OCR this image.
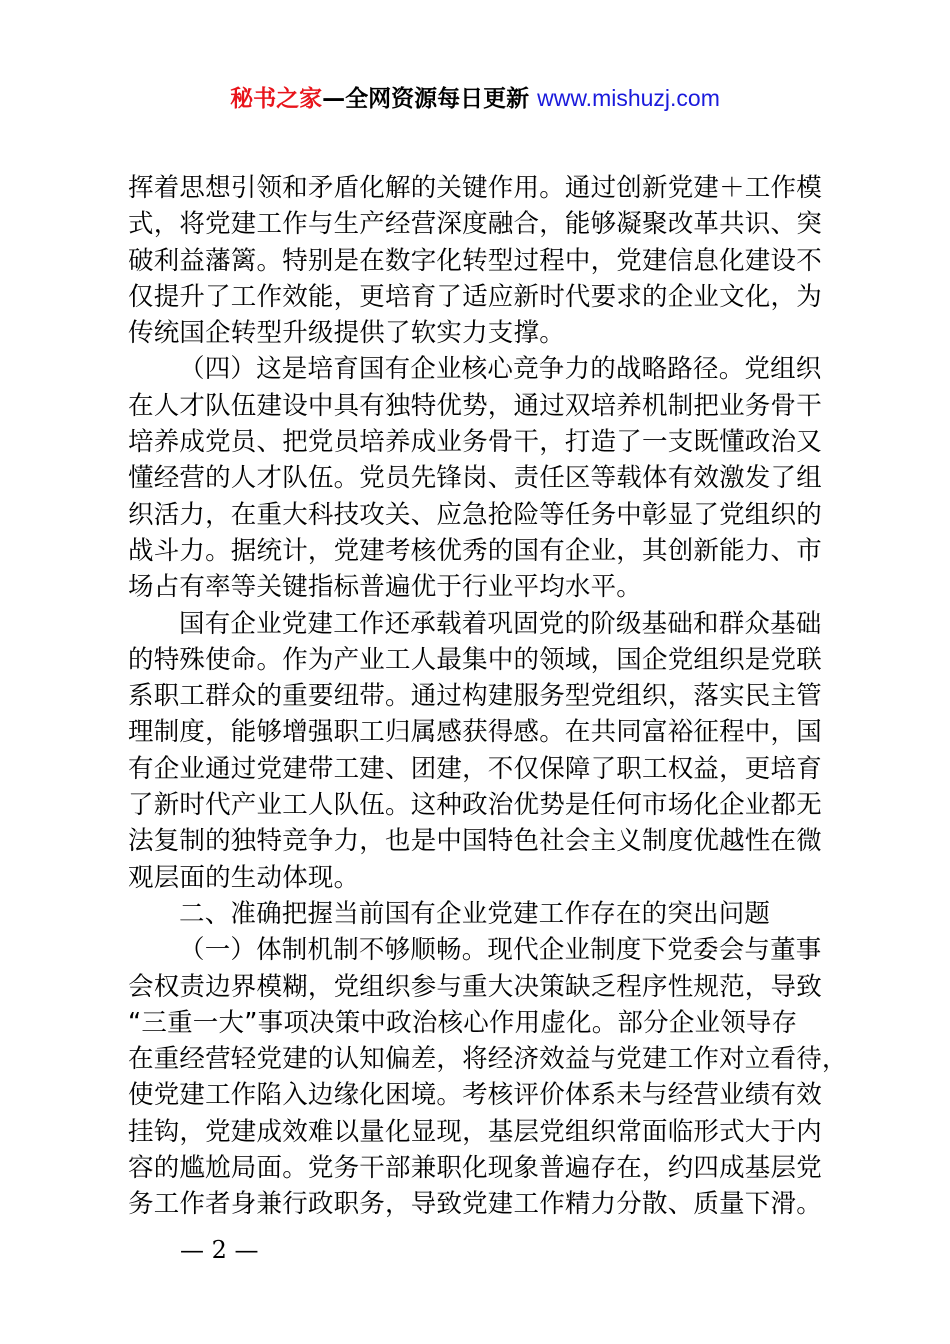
秘书之家—全网资源每日更新 www.mishuzj.com
挥着思想引领和矛盾化解的关键作用。通过创新党建＋工作模
式，将党建工作与生产经营深度融合，能够凝聚改革共识、突
破利益藩篱。特别是在数字化转型过程中，党建信息化建设不
仅提升了工作效能，更培育了适应新时代要求的企业文化，为
传统国企转型升级提供了软实力支撑。
（四）这是培育国有企业核心竞争力的战略路径。党组织
在人才队伍建设中具有独特优势，通过双培养机制把业务骨干
培养成党员、把党员培养成业务骨干，打造了一支既懂政治又
懂经营的人才队伍。党员先锋岗、责任区等载体有效激发了组
织活力，在重大科技攻关、应急抢险等任务中彰显了党组织的
战斗力。据统计，党建考核优秀的国有企业，其创新能力、市
场占有率等关键指标普遍优于行业平均水平。
国有企业党建工作还承载着巩固党的阶级基础和群众基础
的特殊使命。作为产业工人最集中的领域，国企党组织是党联
系职工群众的重要纽带。通过构建服务型党组织，落实民主管
理制度，能够增强职工归属感获得感。在共同富裕征程中，国
有企业通过党建带工建、团建，不仅保障了职工权益，更培育
了新时代产业工人队伍。这种政治优势是任何市场化企业都无
法复制的独特竞争力，也是中国特色社会主义制度优越性在微
观层面的生动体现。
二、准确把握当前国有企业党建工作存在的突出问题
（一）体制机制不够顺畅。现代企业制度下党委会与董事
会权责边界模糊，党组织参与重大决策缺乏程序性规范，导致
“三重一大”事项决策中政治核心作用虚化。部分企业领导存
在重经营轻党建的认知偏差，将经济效益与党建工作对立看待，
使党建工作陷入边缘化困境。考核评价体系未与经营业绩有效
挂钩，党建成效难以量化显现，基层党组织常面临形式大于内
容的尴尬局面。党务干部兼职化现象普遍存在，约四成基层党
务工作者身兼行政职务，导致党建工作精力分散、质量下滑。
— 2 —
